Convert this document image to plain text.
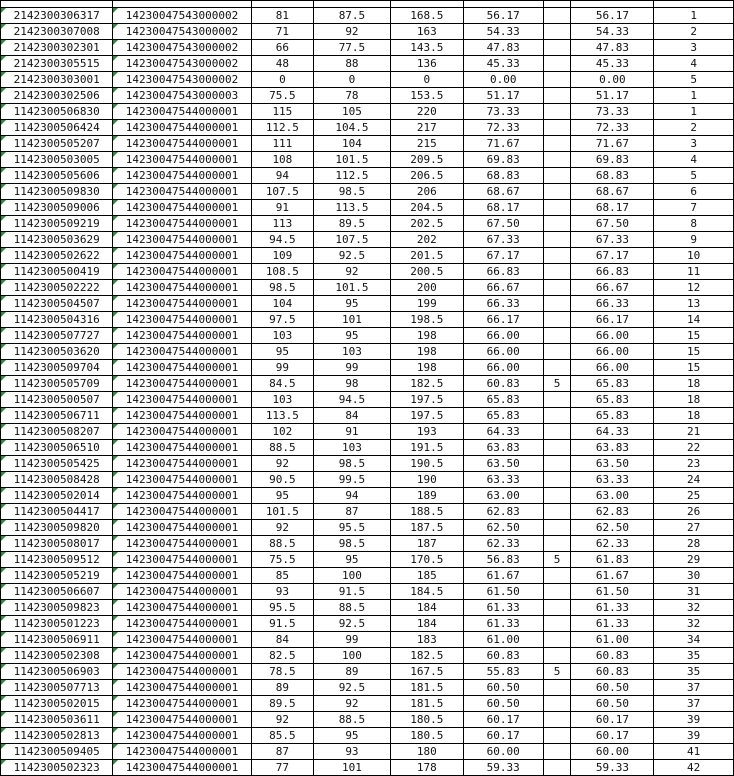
2142300306317	14230047543000002	81	87.5	168.5	56.17		56.17	1
2142300307008	14230047543000002	71	92	163	54.33		54.33	2
2142300302301	14230047543000002	66	77.5	143.5	47.83		47.83	3
2142300305515	14230047543000002	48	88	136	45.33		45.33	4
2142300303001	14230047543000002	0	0	0	0.00		0.00	5
2142300302506	14230047543000003	75.5	78	153.5	51.17		51.17	1
1142300506830	14230047544000001	115	105	220	73.33		73.33	1
1142300506424	14230047544000001	112.5	104.5	217	72.33		72.33	2
1142300505207	14230047544000001	111	104	215	71.67		71.67	3
1142300503005	14230047544000001	108	101.5	209.5	69.83		69.83	4
1142300505606	14230047544000001	94	112.5	206.5	68.83		68.83	5
1142300509830	14230047544000001	107.5	98.5	206	68.67		68.67	6
1142300509006	14230047544000001	91	113.5	204.5	68.17		68.17	7
1142300509219	14230047544000001	113	89.5	202.5	67.50		67.50	8
1142300503629	14230047544000001	94.5	107.5	202	67.33		67.33	9
1142300502622	14230047544000001	109	92.5	201.5	67.17		67.17	10
1142300500419	14230047544000001	108.5	92	200.5	66.83		66.83	11
1142300502222	14230047544000001	98.5	101.5	200	66.67		66.67	12
1142300504507	14230047544000001	104	95	199	66.33		66.33	13
1142300504316	14230047544000001	97.5	101	198.5	66.17		66.17	14
1142300507727	14230047544000001	103	95	198	66.00		66.00	15
1142300503620	14230047544000001	95	103	198	66.00		66.00	15
1142300509704	14230047544000001	99	99	198	66.00		66.00	15
1142300505709	14230047544000001	84.5	98	182.5	60.83	5	65.83	18
1142300500507	14230047544000001	103	94.5	197.5	65.83		65.83	18
1142300506711	14230047544000001	113.5	84	197.5	65.83		65.83	18
1142300508207	14230047544000001	102	91	193	64.33		64.33	21
1142300506510	14230047544000001	88.5	103	191.5	63.83		63.83	22
1142300505425	14230047544000001	92	98.5	190.5	63.50		63.50	23
1142300508428	14230047544000001	90.5	99.5	190	63.33		63.33	24
1142300502014	14230047544000001	95	94	189	63.00		63.00	25
1142300504417	14230047544000001	101.5	87	188.5	62.83		62.83	26
1142300509820	14230047544000001	92	95.5	187.5	62.50		62.50	27
1142300508017	14230047544000001	88.5	98.5	187	62.33		62.33	28
1142300509512	14230047544000001	75.5	95	170.5	56.83	5	61.83	29
1142300505219	14230047544000001	85	100	185	61.67		61.67	30
1142300506607	14230047544000001	93	91.5	184.5	61.50		61.50	31
1142300509823	14230047544000001	95.5	88.5	184	61.33		61.33	32
1142300501223	14230047544000001	91.5	92.5	184	61.33		61.33	32
1142300506911	14230047544000001	84	99	183	61.00		61.00	34
1142300502308	14230047544000001	82.5	100	182.5	60.83		60.83	35
1142300506903	14230047544000001	78.5	89	167.5	55.83	5	60.83	35
1142300507713	14230047544000001	89	92.5	181.5	60.50		60.50	37
1142300502015	14230047544000001	89.5	92	181.5	60.50		60.50	37
1142300503611	14230047544000001	92	88.5	180.5	60.17		60.17	39
1142300502813	14230047544000001	85.5	95	180.5	60.17		60.17	39
1142300509405	14230047544000001	87	93	180	60.00		60.00	41
1142300502323	14230047544000001	77	101	178	59.33		59.33	42
